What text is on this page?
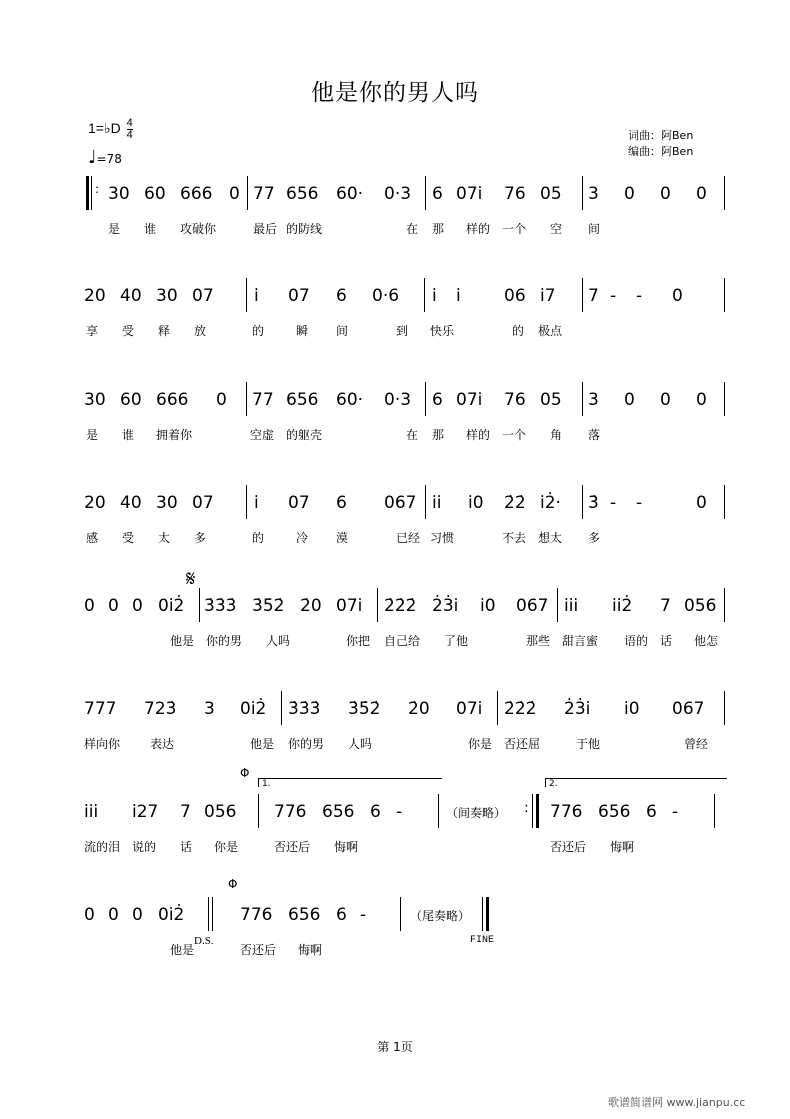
他是你的男人吗
1=♭D $\frac{4}{4}$
♩=78
词曲：阿Ben
编曲：阿Ben
: 30 60 666 0 77 656 60· 0·3 6 07i̇ 76 05 3 0 0 0
是 谁 攻破你	最后 的防线	在 那 样的 一个 空 间
20 40 30 07 i̇ 07 6 0·6 i̇ i̇	06 i̇7 7 - - 0
享 受 释 放	的	瞬 间	到 快乐	的 极点
30 60 666 0 77 656 60· 0·3 6 07i̇ 76 05 3 0 0 0
是 谁 拥着你	空虚 的躯壳	在 那 样的 一个 角 落
20 40 30 07 i̇ 07 6 067 i̇i̇ i̇0 2̇2̇ i̇2̇· 3̇ - -	0
感 受 太 多	的	冷 漠	已经 习惯	不去 想太 多
𝄋
0 0 0 0i̇2̇ 3̇3̇3̇ 3̇5̇2̇ 2̇0 07i̇ 2̇2̇2̇ 2̇3̇i̇ i̇0 067 i̇i̇i̇ i̇i̇2̇ 7 056
他是 你的男 人吗	你把 自己给 了他	那些 甜言蜜 语的 话 他怎
777 723̇ 3 0i̇2̇ 3̇3̇3̇ 3̇5̇2̇ 2̇0 07i̇ 2̇2̇2̇ 2̇3̇i̇ i̇0 067
样向你 表达	他是 你的男 人吗	你是 否还屈	于他	曾经
Φ
1.	2.
i̇i̇i̇ i̇27 7 056 776 656 6 -	776 656 6 -
（间奏略） :
流的泪 说的 话 你是	否还后 悔啊	否还后 悔啊
Φ
0 0 0 0i̇2̇	776 656 6 -	（尾奏略）
他是
D.S.
否还后 悔啊
FINE
第 1页
歌谱简谱网 www.jianpu.cc
